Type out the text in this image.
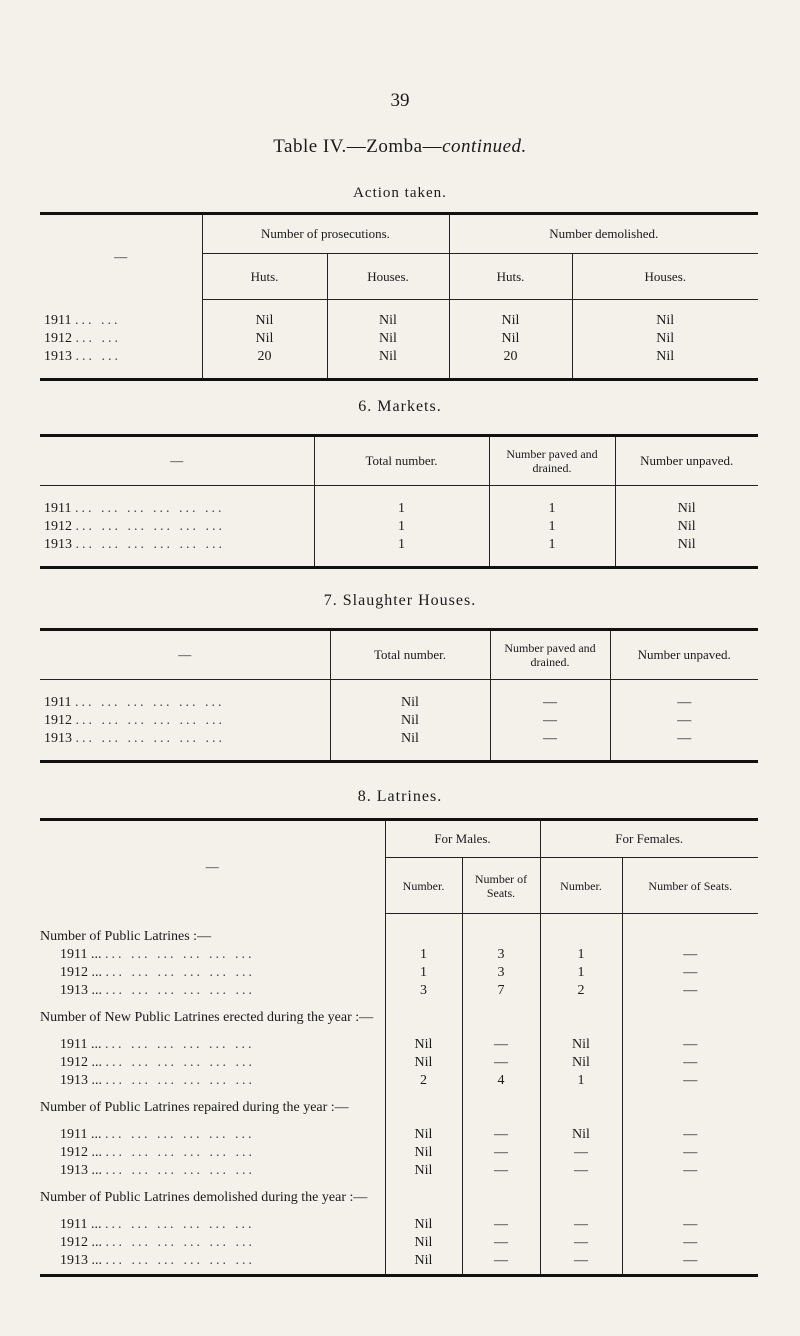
39
Table IV.—Zomba—continued.
Action taken.
—	Number of prosecutions.		Number demolished.	
	Huts.	Houses.	Huts.	Houses.

1911 ... ...	Nil	Nil	Nil	Nil
1912 ... ...	Nil	Nil	Nil	Nil
1913 ... ...	20	Nil	20	Nil

6. Markets.
—	Total number.	Number paved and drained.	Number unpaved.

1911 ... ... ... ... ... ...	1	1	Nil
1912 ... ... ... ... ... ...	1	1	Nil
1913 ... ... ... ... ... ...	1	1	Nil

7. Slaughter Houses.
—	Total number.	Number paved and drained.	Number unpaved.

1911 ... ... ... ... ... ...	Nil	—	—
1912 ... ... ... ... ... ...	Nil	—	—
1913 ... ... ... ... ... ...	Nil	—	—

8. Latrines.
—	For Males.		For Females.	
	Number.	Number of Seats.	Number.	Number of Seats.

Number of Public Latrines :—				
1911 ... ... ... ... ... ... ...	1	3	1	—
1912 ... ... ... ... ... ... ...	1	3	1	—
1913 ... ... ... ... ... ... ...	3	7	2	—
Number of New Public Latrines erected during the year :—				
1911 ... ... ... ... ... ... ...	Nil	—	Nil	—
1912 ... ... ... ... ... ... ...	Nil	—	Nil	—
1913 ... ... ... ... ... ... ...	2	4	1	—
Number of Public Latrines repaired during the year :—				
1911 ... ... ... ... ... ... ...	Nil	—	Nil	—
1912 ... ... ... ... ... ... ...	Nil	—	—	—
1913 ... ... ... ... ... ... ...	Nil	—	—	—
Number of Public Latrines demolished during the year :—				
1911 ... ... ... ... ... ... ...	Nil	—	—	—
1912 ... ... ... ... ... ... ...	Nil	—	—	—
1913 ... ... ... ... ... ... ...	Nil	—	—	—
